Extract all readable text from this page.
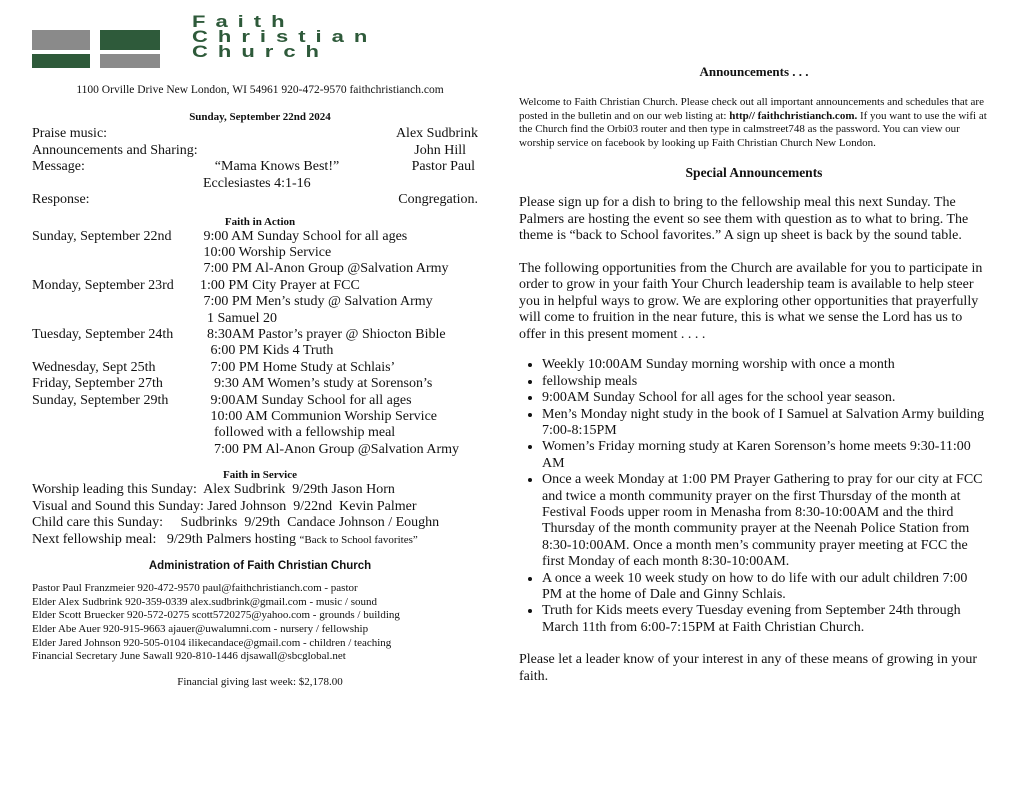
Faith
Christian
Church
1100 Orville Drive New London, WI 54961 920-472-9570 faithchristianch.com
Sunday, September 22nd 2024
Praise music:	Alex Sudbrink
Announcements and Sharing:	John Hill
Message:	“Mama Knows Best!”	Pastor Paul
Ecclesiastes 4:1-16
Response:	Congregation.
Faith in Action
Sunday, September 22nd	9:00 AM Sunday School for all ages
10:00 Worship Service
7:00 PM Al-Anon Group @Salvation Army
Monday, September 23rd	1:00 PM City Prayer at FCC
7:00 PM Men’s study @ Salvation Army
1 Samuel 20
Tuesday, September 24th	8:30AM Pastor’s prayer @ Shiocton Bible
6:00 PM Kids 4 Truth
Wednesday, Sept 25th	7:00 PM Home Study at Schlais’
Friday, September 27th	9:30 AM Women’s study at Sorenson’s
Sunday, September 29th	9:00AM Sunday School for all ages
10:00 AM Communion Worship Service
followed with a fellowship meal
7:00 PM Al-Anon Group @Salvation Army
Faith in Service
Worship leading this Sunday:  Alex Sudbrink  9/29th Jason Horn
Visual and Sound this Sunday: Jared Johnson  9/22nd  Kevin Palmer
Child care this Sunday:     Sudbrinks  9/29th  Candace Johnson / Eoughn
Next fellowship meal:   9/29th Palmers hosting “Back to School favorites”
Administration of Faith Christian Church
Pastor Paul Franzmeier 920-472-9570 paul@faithchristianch.com - pastor
Elder Alex Sudbrink 920-359-0339 alex.sudbrink@gmail.com - music / sound
Elder Scott Bruecker 920-572-0275 scott5720275@yahoo.com - grounds / building
Elder Abe Auer 920-915-9663 ajauer@uwalumni.com - nursery / fellowship
Elder Jared Johnson 920-505-0104 ilikecandace@gmail.com - children / teaching
Financial Secretary June Sawall 920-810-1446 djsawall@sbcglobal.net
Financial giving last week: $2,178.00
Announcements . . .
Welcome to Faith Christian Church. Please check out all important announcements and schedules that are posted in the bulletin and on our web listing at: http// faithchristianch.com. If you want to use the wifi at the Church find the Orbi03 router and then type in calmstreet748 as the password. You can view our worship service on facebook by looking up Faith Christian Church New London.
Special Announcements
Please sign up for a dish to bring to the fellowship meal this next Sunday. The Palmers are hosting the event so see them with question as to what to bring. The theme is “back to School favorites.” A sign up sheet is back by the sound table.
The following opportunities from the Church are available for you to participate in order to grow in your faith Your Church leadership team is available to help steer you in helpful ways to grow. We are exploring other opportunities that prayerfully will come to fruition in the near future, this is what we sense the Lord has us to offer in this present moment . . . .
• Weekly 10:00AM Sunday morning worship with once a month
• fellowship meals
• 9:00AM Sunday School for all ages for the school year season.
• Men’s Monday night study in the book of I Samuel at Salvation Army building 7:00-8:15PM
• Women’s Friday morning study at Karen Sorenson’s home meets 9:30-11:00 AM
• Once a week Monday at 1:00 PM Prayer Gathering to pray for our city at FCC and twice a month community prayer on the first Thursday of the month at Festival Foods upper room in Menasha from 8:30-10:00AM and the third Thursday of the month community prayer at the Neenah Police Station from 8:30-10:00AM. Once a month men’s community prayer meeting at FCC the first Monday of each month 8:30-10:00AM.
• A once a week 10 week study on how to do life with our adult children 7:00 PM at the home of Dale and Ginny Schlais.
• Truth for Kids meets every Tuesday evening from September 24th through March 11th from 6:00-7:15PM at Faith Christian Church.
Please let a leader know of your interest in any of these means of growing in your faith.
